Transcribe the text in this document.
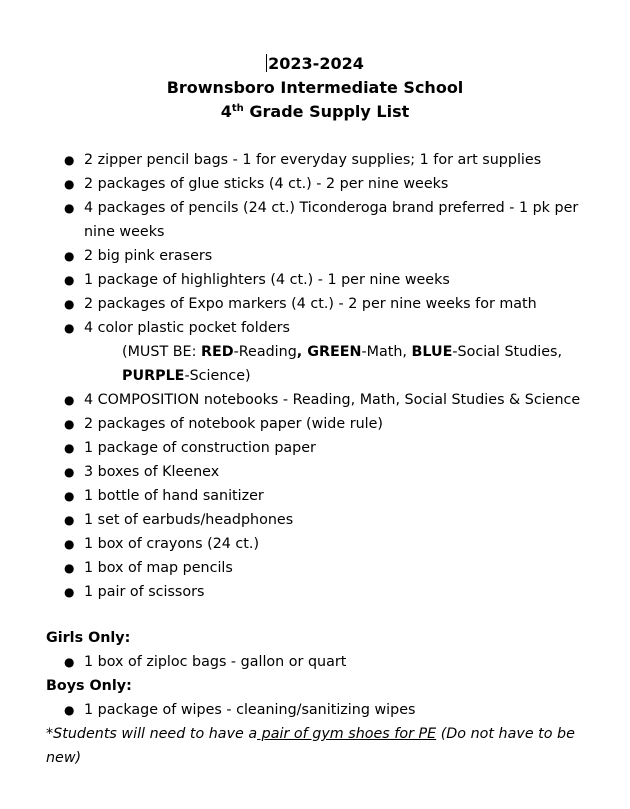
2023-2024
Brownsboro Intermediate School
4th Grade Supply List
● 2 zipper pencil bags - 1 for everyday supplies; 1 for art supplies
● 2 packages of glue sticks (4 ct.) - 2 per nine weeks
● 4 packages of pencils (24 ct.) Ticonderoga brand preferred - 1 pk per nine weeks
● 2 big pink erasers
● 1 package of highlighters (4 ct.) - 1 per nine weeks
● 2 packages of Expo markers (4 ct.) - 2 per nine weeks for math
● 4 color plastic pocket folders
(MUST BE: RED-Reading, GREEN-Math, BLUE-Social Studies, PURPLE-Science)
● 4 COMPOSITION notebooks - Reading, Math, Social Studies & Science
● 2 packages of notebook paper (wide rule)
● 1 package of construction paper
● 3 boxes of Kleenex
● 1 bottle of hand sanitizer
● 1 set of earbuds/headphones
● 1 box of crayons (24 ct.)
● 1 box of map pencils
● 1 pair of scissors
Girls Only:
● 1 box of ziploc bags - gallon or quart
Boys Only:
● 1 package of wipes - cleaning/sanitizing wipes
*Students will need to have a pair of gym shoes for PE (Do not have to be new)
